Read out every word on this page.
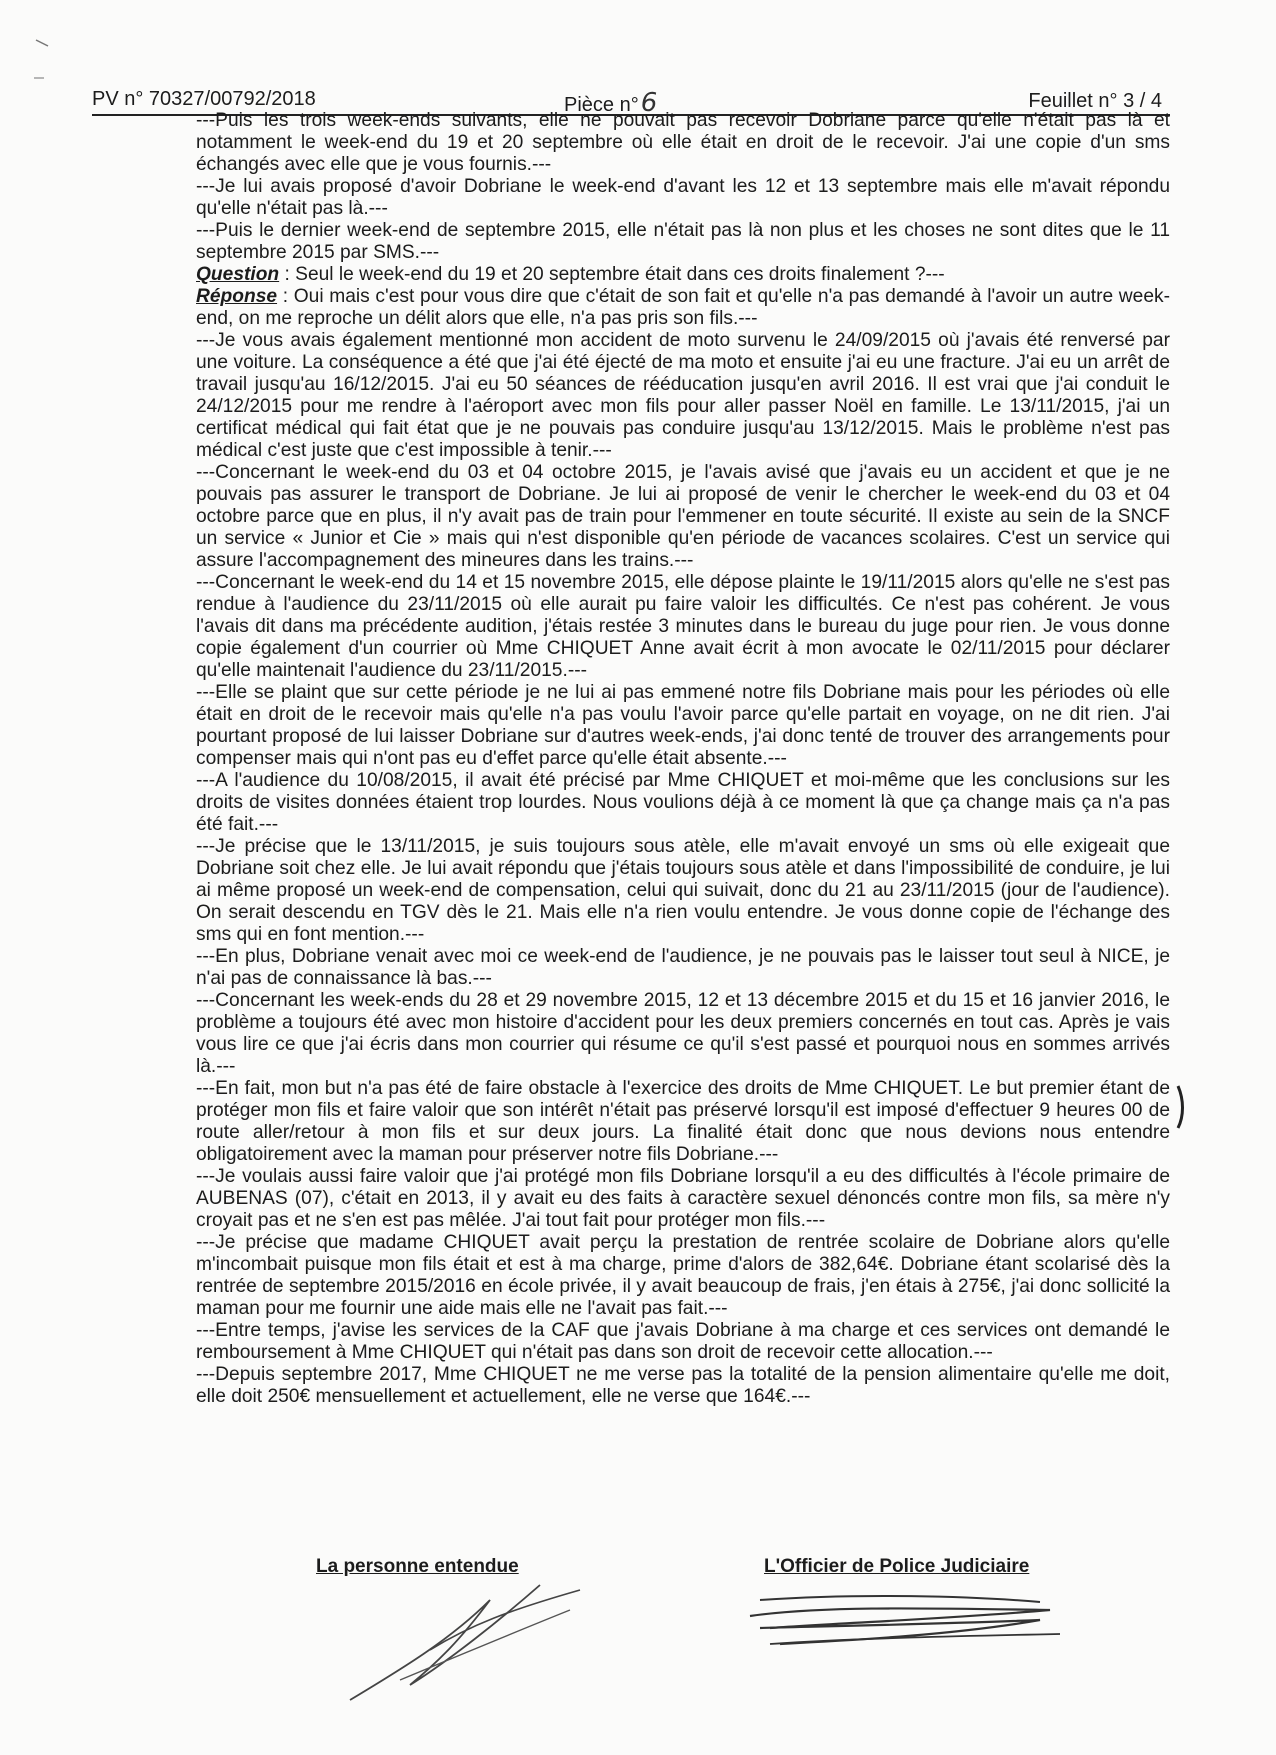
PV n° 70327/00792/2018	Pièce n°6	Feuillet n° 3 / 4

---Puis les trois week-ends suivants, elle ne pouvait pas recevoir Dobriane parce qu'elle n'était pas là et notamment le week-end du 19 et 20 septembre où elle était en droit de le recevoir. J'ai une copie d'un sms échangés avec elle que je vous fournis.---

---Je lui avais proposé d'avoir Dobriane le week-end d'avant les 12 et 13 septembre mais elle m'avait répondu qu'elle n'était pas là.---

---Puis le dernier week-end de septembre 2015, elle n'était pas là non plus et les choses ne sont dites que le 11 septembre 2015 par SMS.---

Question : Seul le week-end du 19 et 20 septembre était dans ces droits finalement ?---

Réponse : Oui mais c'est pour vous dire que c'était de son fait et qu'elle n'a pas demandé à l'avoir un autre week-end, on me reproche un délit alors que elle, n'a pas pris son fils.---

---Je vous avais également mentionné mon accident de moto survenu le 24/09/2015 où j'avais été renversé par une voiture. La conséquence a été que j'ai été éjecté de ma moto et ensuite j'ai eu une fracture. J'ai eu un arrêt de travail jusqu'au 16/12/2015. J'ai eu 50 séances de rééducation jusqu'en avril 2016. Il est vrai que j'ai conduit le 24/12/2015 pour me rendre à l'aéroport avec mon fils pour aller passer Noël en famille. Le 13/11/2015, j'ai un certificat médical qui fait état que je ne pouvais pas conduire jusqu'au 13/12/2015. Mais le problème n'est pas médical c'est juste que c'est impossible à tenir.---

---Concernant le week-end du 03 et 04 octobre 2015, je l'avais avisé que j'avais eu un accident et que je ne pouvais pas assurer le transport de Dobriane. Je lui ai proposé de venir le chercher le week-end du 03 et 04 octobre parce que en plus, il n'y avait pas de train pour l'emmener en toute sécurité. Il existe au sein de la SNCF un service « Junior et Cie » mais qui n'est disponible qu'en période de vacances scolaires. C'est un service qui assure l'accompagnement des mineures dans les trains.---

---Concernant le week-end du 14 et 15 novembre 2015, elle dépose plainte le 19/11/2015 alors qu'elle ne s'est pas rendue à l'audience du 23/11/2015 où elle aurait pu faire valoir les difficultés. Ce n'est pas cohérent. Je vous l'avais dit dans ma précédente audition, j'étais restée 3 minutes dans le bureau du juge pour rien. Je vous donne copie également d'un courrier où Mme CHIQUET Anne avait écrit à mon avocate le 02/11/2015 pour déclarer qu'elle maintenait l'audience du 23/11/2015.---

---Elle se plaint que sur cette période je ne lui ai pas emmené notre fils Dobriane mais pour les périodes où elle était en droit de le recevoir mais qu'elle n'a pas voulu l'avoir parce qu'elle partait en voyage, on ne dit rien. J'ai pourtant proposé de lui laisser Dobriane sur d'autres week-ends, j'ai donc tenté de trouver des arrangements pour compenser mais qui n'ont pas eu d'effet parce qu'elle était absente.---

---A l'audience du 10/08/2015, il avait été précisé par Mme CHIQUET et moi-même que les conclusions sur les droits de visites données étaient trop lourdes. Nous voulions déjà à ce moment là que ça change mais ça n'a pas été fait.---

---Je précise que le 13/11/2015, je suis toujours sous atèle, elle m'avait envoyé un sms où elle exigeait que Dobriane soit chez elle. Je lui avait répondu que j'étais toujours sous atèle et dans l'impossibilité de conduire, je lui ai même proposé un week-end de compensation, celui qui suivait, donc du 21 au 23/11/2015 (jour de l'audience). On serait descendu en TGV dès le 21. Mais elle n'a rien voulu entendre. Je vous donne copie de l'échange des sms qui en font mention.---

---En plus, Dobriane venait avec moi ce week-end de l'audience, je ne pouvais pas le laisser tout seul à NICE, je n'ai pas de connaissance là bas.---

---Concernant les week-ends du 28 et 29 novembre 2015, 12 et 13 décembre 2015 et du 15 et 16 janvier 2016, le problème a toujours été avec mon histoire d'accident pour les deux premiers concernés en tout cas. Après je vais vous lire ce que j'ai écris dans mon courrier qui résume ce qu'il s'est passé et pourquoi nous en sommes arrivés là.---

---En fait, mon but n'a pas été de faire obstacle à l'exercice des droits de Mme CHIQUET. Le but premier étant de protéger mon fils et faire valoir que son intérêt n'était pas préservé lorsqu'il est imposé d'effectuer 9 heures 00 de route aller/retour à mon fils et sur deux jours. La finalité était donc que nous devions nous entendre obligatoirement avec la maman pour préserver notre fils Dobriane.---

---Je voulais aussi faire valoir que j'ai protégé mon fils Dobriane lorsqu'il a eu des difficultés à l'école primaire de AUBENAS (07), c'était en 2013, il y avait eu des faits à caractère sexuel dénoncés contre mon fils, sa mère n'y croyait pas et ne s'en est pas mêlée. J'ai tout fait pour protéger mon fils.---

---Je précise que madame CHIQUET avait perçu la prestation de rentrée scolaire de Dobriane alors qu'elle m'incombait puisque mon fils était et est à ma charge, prime d'alors de 382,64€. Dobriane étant scolarisé dès la rentrée de septembre 2015/2016 en école privée, il y avait beaucoup de frais, j'en étais à 275€, j'ai donc sollicité la maman pour me fournir une aide mais elle ne l'avait pas fait.---

---Entre temps, j'avise les services de la CAF que j'avais Dobriane à ma charge et ces services ont demandé le remboursement à Mme CHIQUET qui n'était pas dans son droit de recevoir cette allocation.---

---Depuis septembre 2017, Mme CHIQUET ne me verse pas la totalité de la pension alimentaire qu'elle me doit, elle doit 250€ mensuellement et actuellement, elle ne verse que 164€.---

La personne entendue	L'Officier de Police Judiciaire
